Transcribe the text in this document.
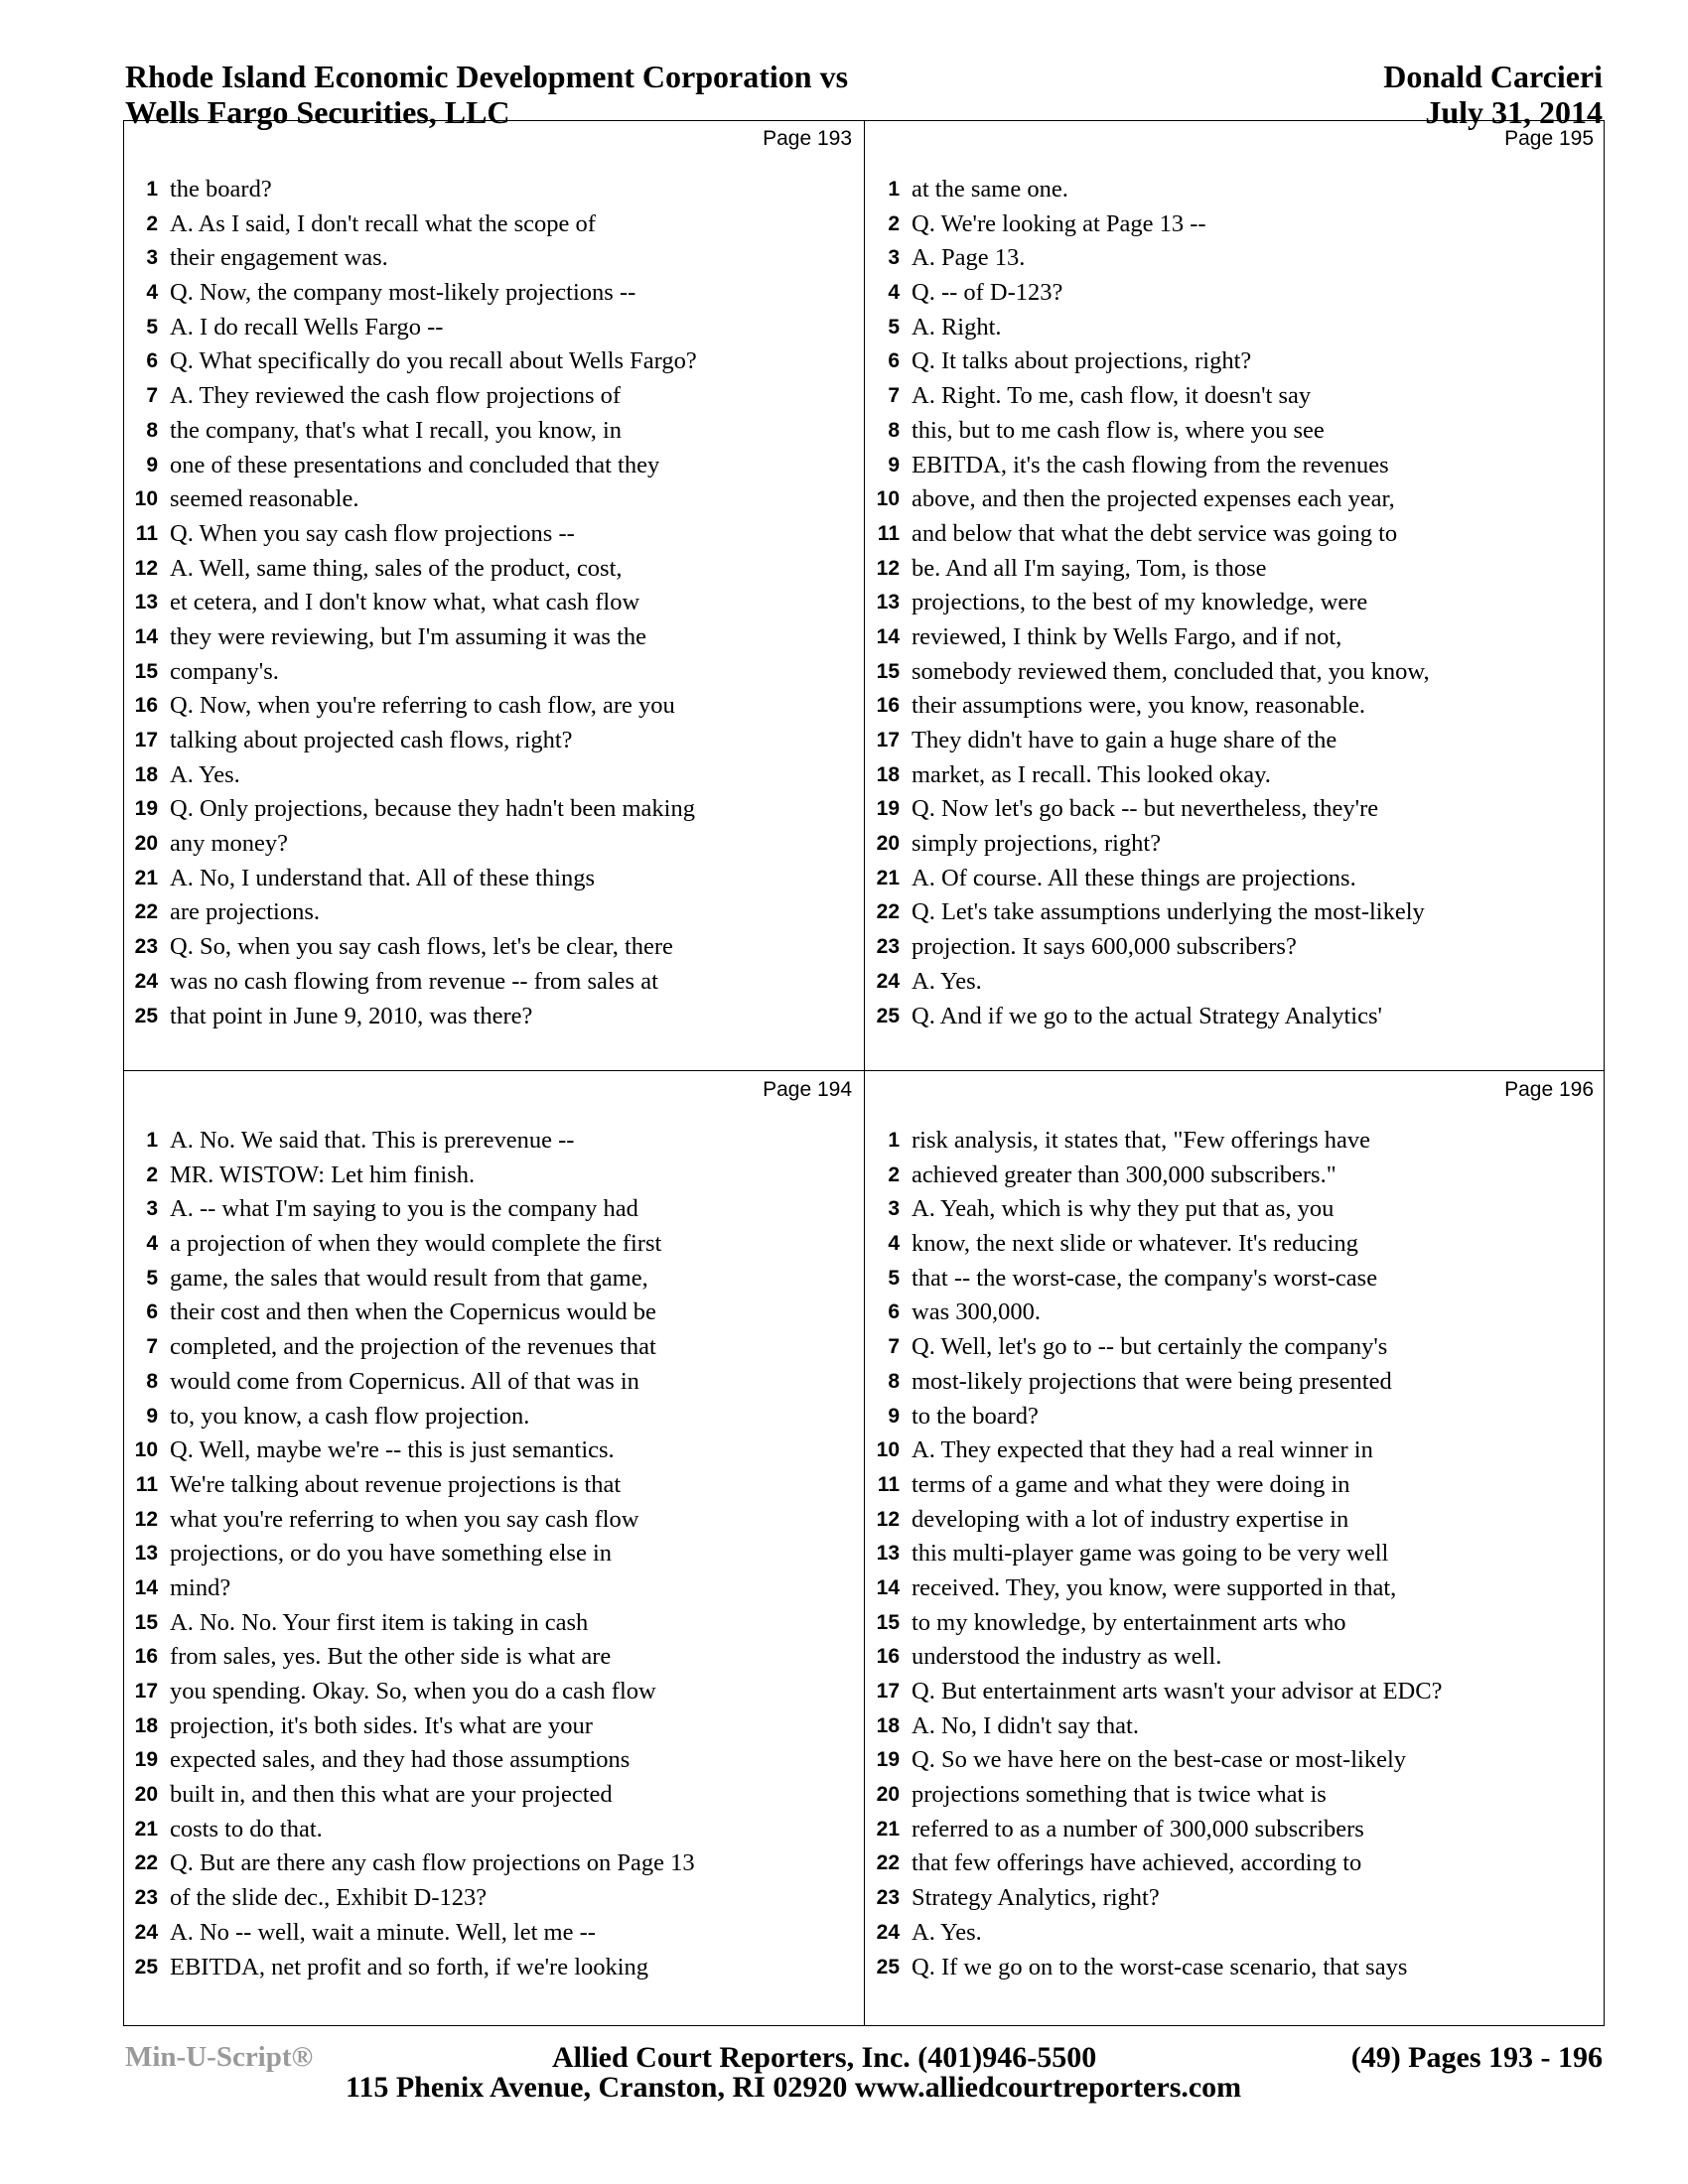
Rhode Island Economic Development Corporation vs
Wells Fargo Securities, LLC
Donald Carcieri
July 31, 2014
Page 193
1 the board?
2 A. As I said, I don't recall what the scope of
3 their engagement was.
4 Q. Now, the company most-likely projections --
5 A. I do recall Wells Fargo --
6 Q. What specifically do you recall about Wells Fargo?
7 A. They reviewed the cash flow projections of
8 the company, that's what I recall, you know, in
9 one of these presentations and concluded that they
10 seemed reasonable.
11 Q. When you say cash flow projections --
12 A. Well, same thing, sales of the product, cost,
13 et cetera, and I don't know what, what cash flow
14 they were reviewing, but I'm assuming it was the
15 company's.
16 Q. Now, when you're referring to cash flow, are you
17 talking about projected cash flows, right?
18 A. Yes.
19 Q. Only projections, because they hadn't been making
20 any money?
21 A. No, I understand that. All of these things
22 are projections.
23 Q. So, when you say cash flows, let's be clear, there
24 was no cash flowing from revenue -- from sales at
25 that point in June 9, 2010, was there?
Page 195
1 at the same one.
2 Q. We're looking at Page 13 --
3 A. Page 13.
4 Q. -- of D-123?
5 A. Right.
6 Q. It talks about projections, right?
7 A. Right. To me, cash flow, it doesn't say
8 this, but to me cash flow is, where you see
9 EBITDA, it's the cash flowing from the revenues
10 above, and then the projected expenses each year,
11 and below that what the debt service was going to
12 be. And all I'm saying, Tom, is those
13 projections, to the best of my knowledge, were
14 reviewed, I think by Wells Fargo, and if not,
15 somebody reviewed them, concluded that, you know,
16 their assumptions were, you know, reasonable.
17 They didn't have to gain a huge share of the
18 market, as I recall. This looked okay.
19 Q. Now let's go back -- but nevertheless, they're
20 simply projections, right?
21 A. Of course. All these things are projections.
22 Q. Let's take assumptions underlying the most-likely
23 projection. It says 600,000 subscribers?
24 A. Yes.
25 Q. And if we go to the actual Strategy Analytics'
Page 194
1 A. No. We said that. This is prerevenue --
2 MR. WISTOW: Let him finish.
3 A. -- what I'm saying to you is the company had
4 a projection of when they would complete the first
5 game, the sales that would result from that game,
6 their cost and then when the Copernicus would be
7 completed, and the projection of the revenues that
8 would come from Copernicus. All of that was in
9 to, you know, a cash flow projection.
10 Q. Well, maybe we're -- this is just semantics.
11 We're talking about revenue projections is that
12 what you're referring to when you say cash flow
13 projections, or do you have something else in
14 mind?
15 A. No. No. Your first item is taking in cash
16 from sales, yes. But the other side is what are
17 you spending. Okay. So, when you do a cash flow
18 projection, it's both sides. It's what are your
19 expected sales, and they had those assumptions
20 built in, and then this what are your projected
21 costs to do that.
22 Q. But are there any cash flow projections on Page 13
23 of the slide dec., Exhibit D-123?
24 A. No -- well, wait a minute. Well, let me --
25 EBITDA, net profit and so forth, if we're looking
Page 196
1 risk analysis, it states that, "Few offerings have
2 achieved greater than 300,000 subscribers."
3 A. Yeah, which is why they put that as, you
4 know, the next slide or whatever. It's reducing
5 that -- the worst-case, the company's worst-case
6 was 300,000.
7 Q. Well, let's go to -- but certainly the company's
8 most-likely projections that were being presented
9 to the board?
10 A. They expected that they had a real winner in
11 terms of a game and what they were doing in
12 developing with a lot of industry expertise in
13 this multi-player game was going to be very well
14 received. They, you know, were supported in that,
15 to my knowledge, by entertainment arts who
16 understood the industry as well.
17 Q. But entertainment arts wasn't your advisor at EDC?
18 A. No, I didn't say that.
19 Q. So we have here on the best-case or most-likely
20 projections something that is twice what is
21 referred to as a number of 300,000 subscribers
22 that few offerings have achieved, according to
23 Strategy Analytics, right?
24 A. Yes.
25 Q. If we go on to the worst-case scenario, that says
Min-U-Script®	Allied Court Reporters, Inc. (401)946-5500	(49) Pages 193 - 196
115 Phenix Avenue, Cranston, RI 02920 www.alliedcourtreporters.com
